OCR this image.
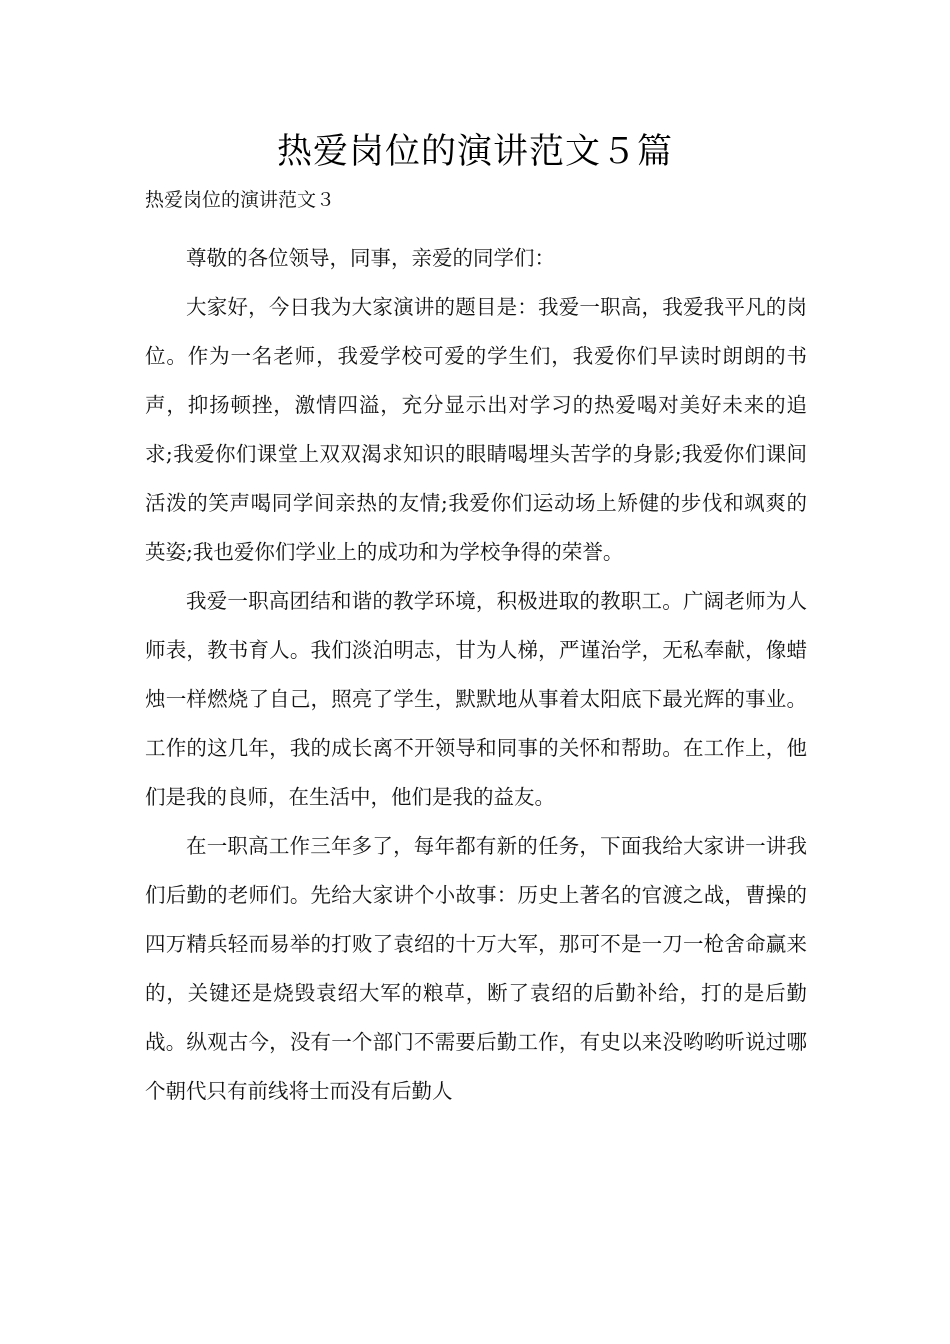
热爱岗位的演讲范文５篇

热爱岗位的演讲范文３

尊敬的各位领导，同事，亲爱的同学们：

大家好，今日我为大家演讲的题目是：我爱一职高，我爱我平凡的岗位。作为一名老师，我爱学校可爱的学生们，我爱你们早读时朗朗的书声，抑扬顿挫，激情四溢，充分显示出对学习的热爱喝对美好未来的追求;我爱你们课堂上双双渴求知识的眼睛喝埋头苦学的身影;我爱你们课间活泼的笑声喝同学间亲热的友情;我爱你们运动场上矫健的步伐和飒爽的英姿;我也爱你们学业上的成功和为学校争得的荣誉。

我爱一职高团结和谐的教学环境，积极进取的教职工。广阔老师为人师表，教书育人。我们淡泊明志，甘为人梯，严谨治学，无私奉献，像蜡烛一样燃烧了自己，照亮了学生，默默地从事着太阳底下最光辉的事业。工作的这几年，我的成长离不开领导和同事的关怀和帮助。在工作上，他们是我的良师，在生活中，他们是我的益友。

在一职高工作三年多了，每年都有新的任务，下面我给大家讲一讲我们后勤的老师们。先给大家讲个小故事：历史上著名的官渡之战，曹操的四万精兵轻而易举的打败了袁绍的十万大军，那可不是一刀一枪舍命赢来的，关键还是烧毁袁绍大军的粮草，断了袁绍的后勤补给，打的是后勤战。纵观古今，没有一个部门不需要后勤工作，有史以来没哟哟听说过哪个朝代只有前线将士而没有后勤人
